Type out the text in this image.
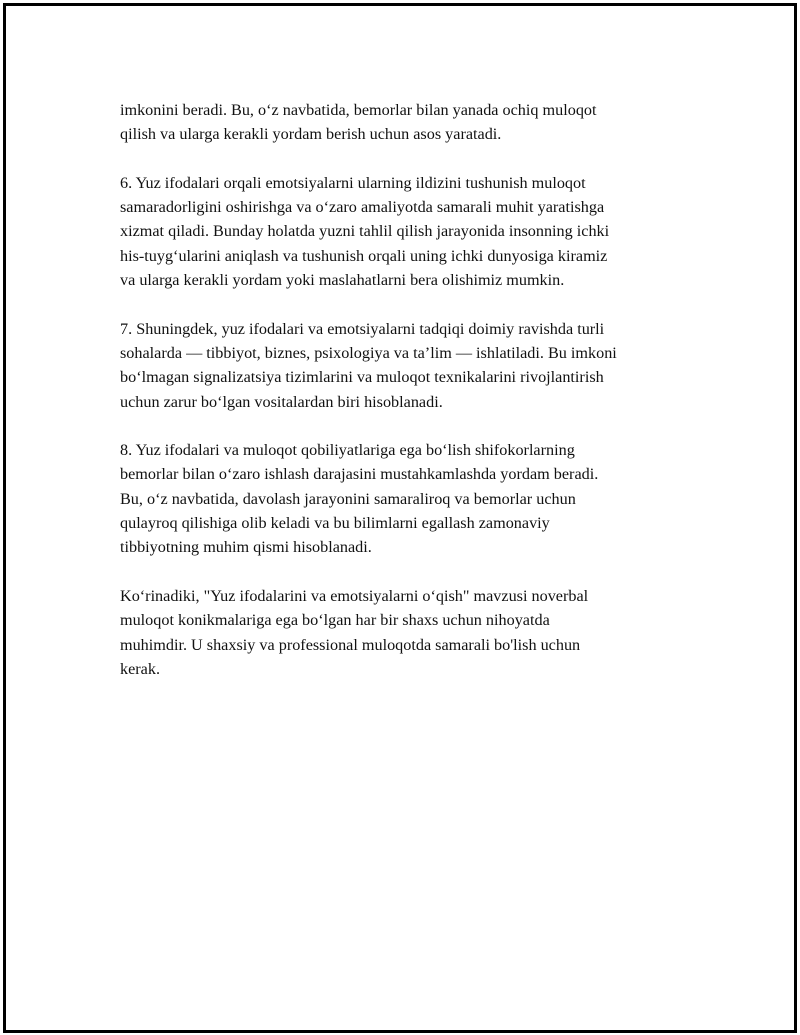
imkonini beradi. Bu, oʻz navbatida, bemorlar bilan yanada ochiq muloqot
qilish va ularga kerakli yordam berish uchun asos yaratadi.

6. Yuz ifodalari orqali emotsiyalarni ularning ildizini tushunish muloqot
samaradorligini oshirishga va oʻzaro amaliyotda samarali muhit yaratishga
xizmat qiladi. Bunday holatda yuzni tahlil qilish jarayonida insonning ichki
his-tuygʻularini aniqlash va tushunish orqali uning ichki dunyosiga kiramiz
va ularga kerakli yordam yoki maslahatlarni bera olishimiz mumkin.

7. Shuningdek, yuz ifodalari va emotsiyalarni tadqiqi doimiy ravishda turli
sohalarda — tibbiyot, biznes, psixologiya va ta’lim — ishlatiladi. Bu imkoni
boʻlmagan signalizatsiya tizimlarini va muloqot texnikalarini rivojlantirish
uchun zarur boʻlgan vositalardan biri hisoblanadi.

8. Yuz ifodalari va muloqot qobiliyatlariga ega boʻlish shifokorlarning
bemorlar bilan oʻzaro ishlash darajasini mustahkamlashda yordam beradi.
Bu, oʻz navbatida, davolash jarayonini samaraliroq va bemorlar uchun
qulayroq qilishiga olib keladi va bu bilimlarni egallash zamonaviy
tibbiyotning muhim qismi hisoblanadi.

Koʻrinadiki, "Yuz ifodalarini va emotsiyalarni oʻqish" mavzusi noverbal
muloqot konikmalariga ega boʻlgan har bir shaxs uchun nihoyatda
muhimdir. U shaxsiy va professional muloqotda samarali bo'lish uchun
kerak.
